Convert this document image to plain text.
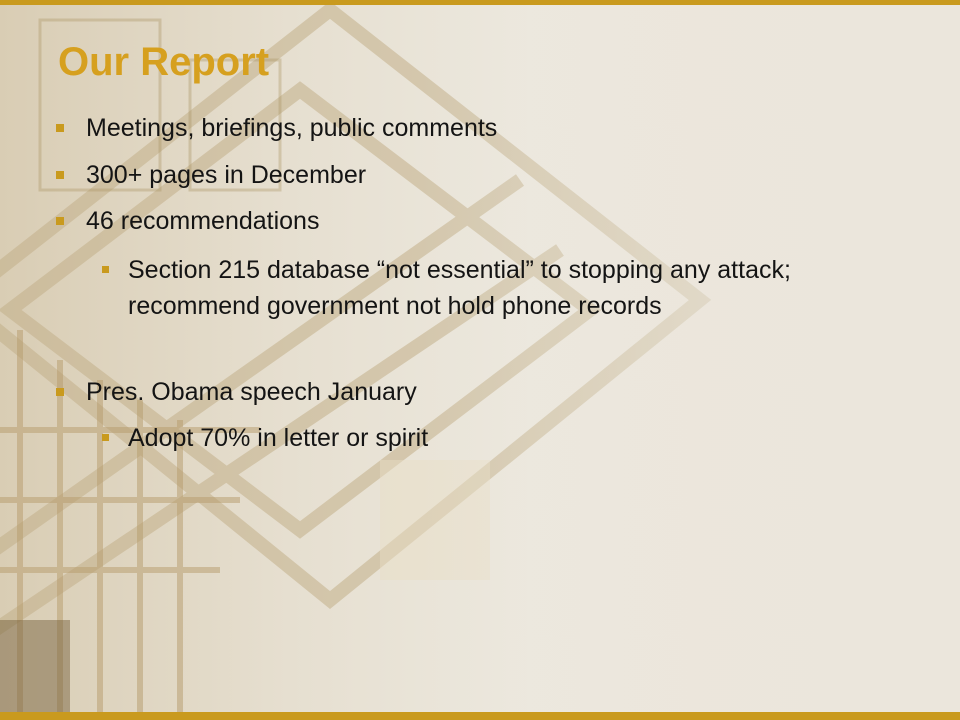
Our Report
Meetings, briefings, public comments
300+ pages in December
46 recommendations
Section 215 database “not essential” to stopping any attack; recommend government not hold phone records
Pres. Obama speech January
Adopt 70% in letter or spirit
